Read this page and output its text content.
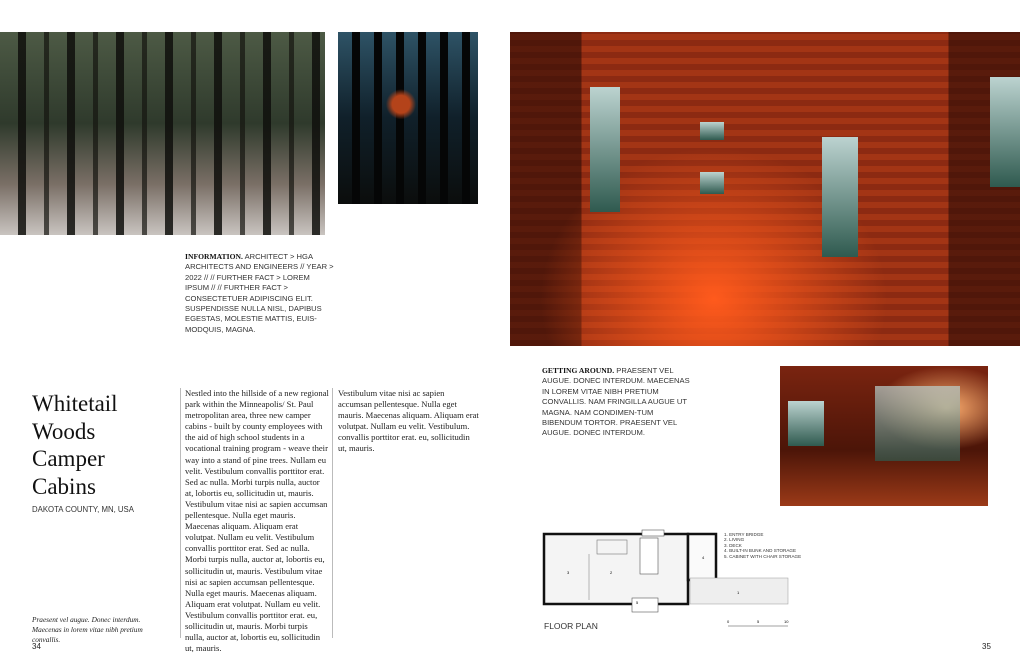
INFORMATION. ARCHITECT > HGA ARCHITECTS AND ENGINEERS // YEAR > 2022 // // FURTHER FACT > LOREM IPSUM // // FURTHER FACT > CONSECTETUER ADIPISCING ELIT. SUSPENDISSE NULLA NISL, DAPIBUS EGESTAS, MOLESTIE MATTIS, EUIS-MODQUIS, MAGNA.
Whitetail
Woods
Camper
Cabins
DAKOTA COUNTY, MN, USA
Praesent vel augue. Donec interdum. Maecenas in lorem vitae nibh pretium convallis.
34
Nestled into the hillside of a new regional park within the Minneapolis/ St. Paul metropolitan area, three new camper cabins - built by county employees with the aid of high school students in a vocational training program - weave their way into a stand of pine trees. Nullam eu velit. Vestibulum convallis porttitor erat. Sed ac nulla. Morbi turpis nulla, auctor at, lobortis eu, sollicitudin ut, mauris. Vestibulum vitae nisi ac sapien accumsan pellentesque. Nulla eget mauris. Maecenas aliquam. Aliquam erat volutpat. Nullam eu velit. Vestibulum convallis porttitor erat. Sed ac nulla. Morbi turpis nulla, auctor at, lobortis eu, sollicitudin ut, mauris. Vestibulum vitae nisi ac sapien accumsan pellentesque. Nulla eget mauris. Maecenas aliquam. Aliquam erat volutpat. Nullam eu velit. Vestibulum convallis porttitor erat. eu, sollicitudin ut, mauris. Morbi turpis nulla, auctor at, lobortis eu, sollicitudin ut, mauris.
Vestibulum vitae nisi ac sapien accumsan pellentesque. Nulla eget mauris. Maecenas aliquam. Aliquam erat volutpat. Nullam eu velit. Vestibulum. convallis porttitor erat. eu, sollicitudin ut, mauris.
GETTING AROUND. PRAESENT VEL AUGUE. DONEC INTERDUM. MAECENAS IN LOREM VITAE NIBH PRETIUM CONVALLIS. NAM FRINGILLA AUGUE UT MAGNA. NAM CONDIMEN-TUM BIBENDUM TORTOR. PRAESENT VEL AUGUE. DONEC INTERDUM.
1
2
3
4
5
0	5	10
1. ENTRY BRIDGE
2. LIVING
3. DECK
4. BUILT-IN BUNK AND STORAGE
5. CABINET WITH CHAIR STORAGE
FLOOR PLAN
35
